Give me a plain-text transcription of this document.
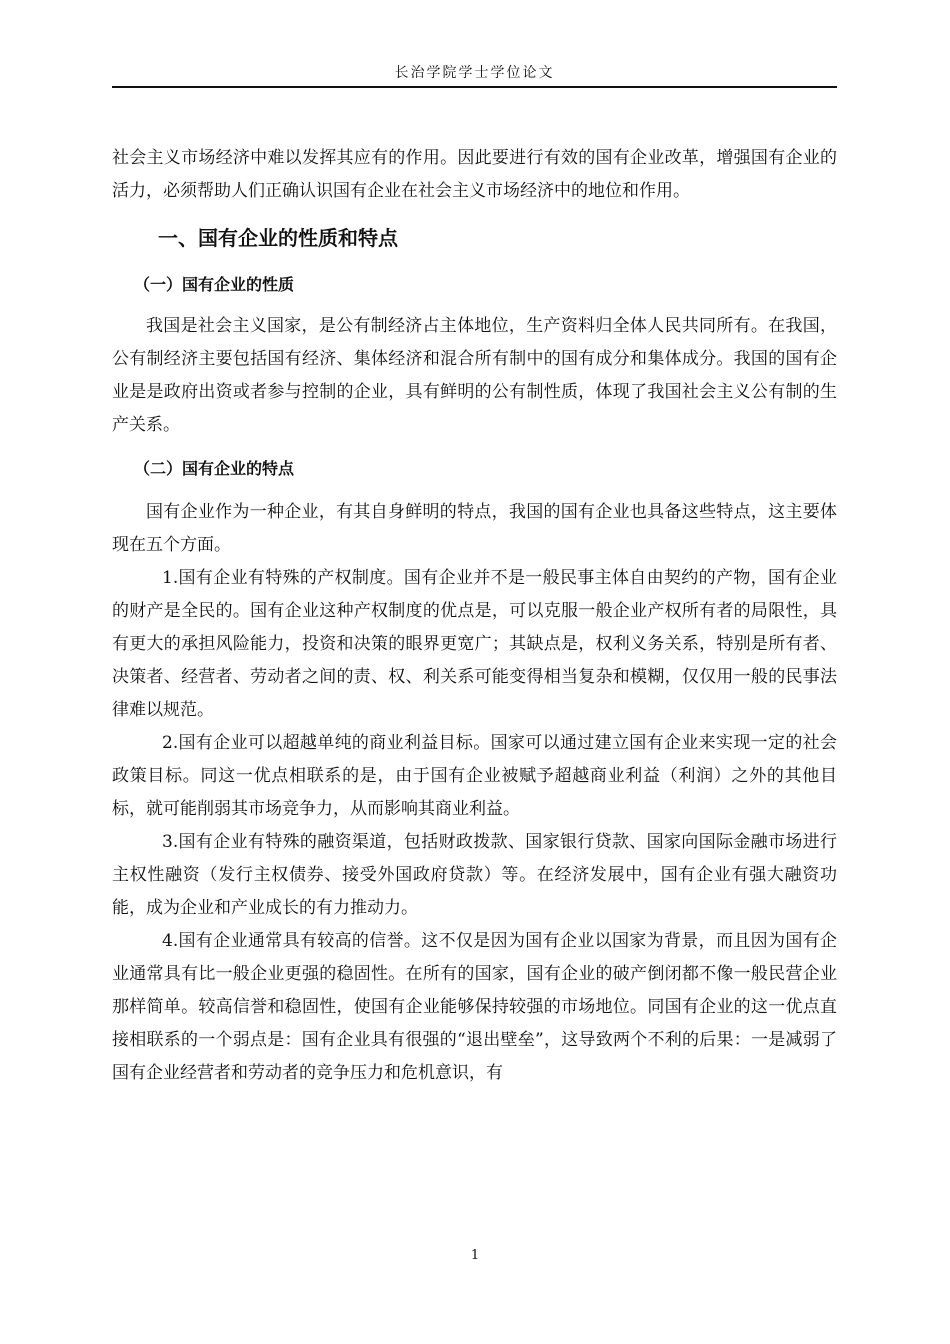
长治学院学士学位论文

社会主义市场经济中难以发挥其应有的作用。因此要进行有效的国有企业改革，增强国有企业的活力，必须帮助人们正确认识国有企业在社会主义市场经济中的地位和作用。

一、国有企业的性质和特点
（一）国有企业的性质

我国是社会主义国家，是公有制经济占主体地位，生产资料归全体人民共同所有。在我国，公有制经济主要包括国有经济、集体经济和混合所有制中的国有成分和集体成分。我国的国有企业是是政府出资或者参与控制的企业，具有鲜明的公有制性质，体现了我国社会主义公有制的生产关系。

（二）国有企业的特点

国有企业作为一种企业，有其自身鲜明的特点，我国的国有企业也具备这些特点，这主要体现在五个方面。

1.国有企业有特殊的产权制度。国有企业并不是一般民事主体自由契约的产物，国有企业的财产是全民的。国有企业这种产权制度的优点是，可以克服一般企业产权所有者的局限性，具有更大的承担风险能力，投资和决策的眼界更宽广；其缺点是，权利义务关系，特别是所有者、决策者、经营者、劳动者之间的责、权、利关系可能变得相当复杂和模糊，仅仅用一般的民事法律难以规范。

2.国有企业可以超越单纯的商业利益目标。国家可以通过建立国有企业来实现一定的社会政策目标。同这一优点相联系的是，由于国有企业被赋予超越商业利益（利润）之外的其他目标，就可能削弱其市场竞争力，从而影响其商业利益。

3.国有企业有特殊的融资渠道，包括财政拨款、国家银行贷款、国家向国际金融市场进行主权性融资（发行主权债券、接受外国政府贷款）等。在经济发展中，国有企业有强大融资功能，成为企业和产业成长的有力推动力。

4.国有企业通常具有较高的信誉。这不仅是因为国有企业以国家为背景，而且因为国有企业通常具有比一般企业更强的稳固性。在所有的国家，国有企业的破产倒闭都不像一般民营企业那样简单。较高信誉和稳固性，使国有企业能够保持较强的市场地位。同国有企业的这一优点直接相联系的一个弱点是：国有企业具有很强的“退出壁垒”，这导致两个不利的后果：一是减弱了国有企业经营者和劳动者的竞争压力和危机意识，有

1
